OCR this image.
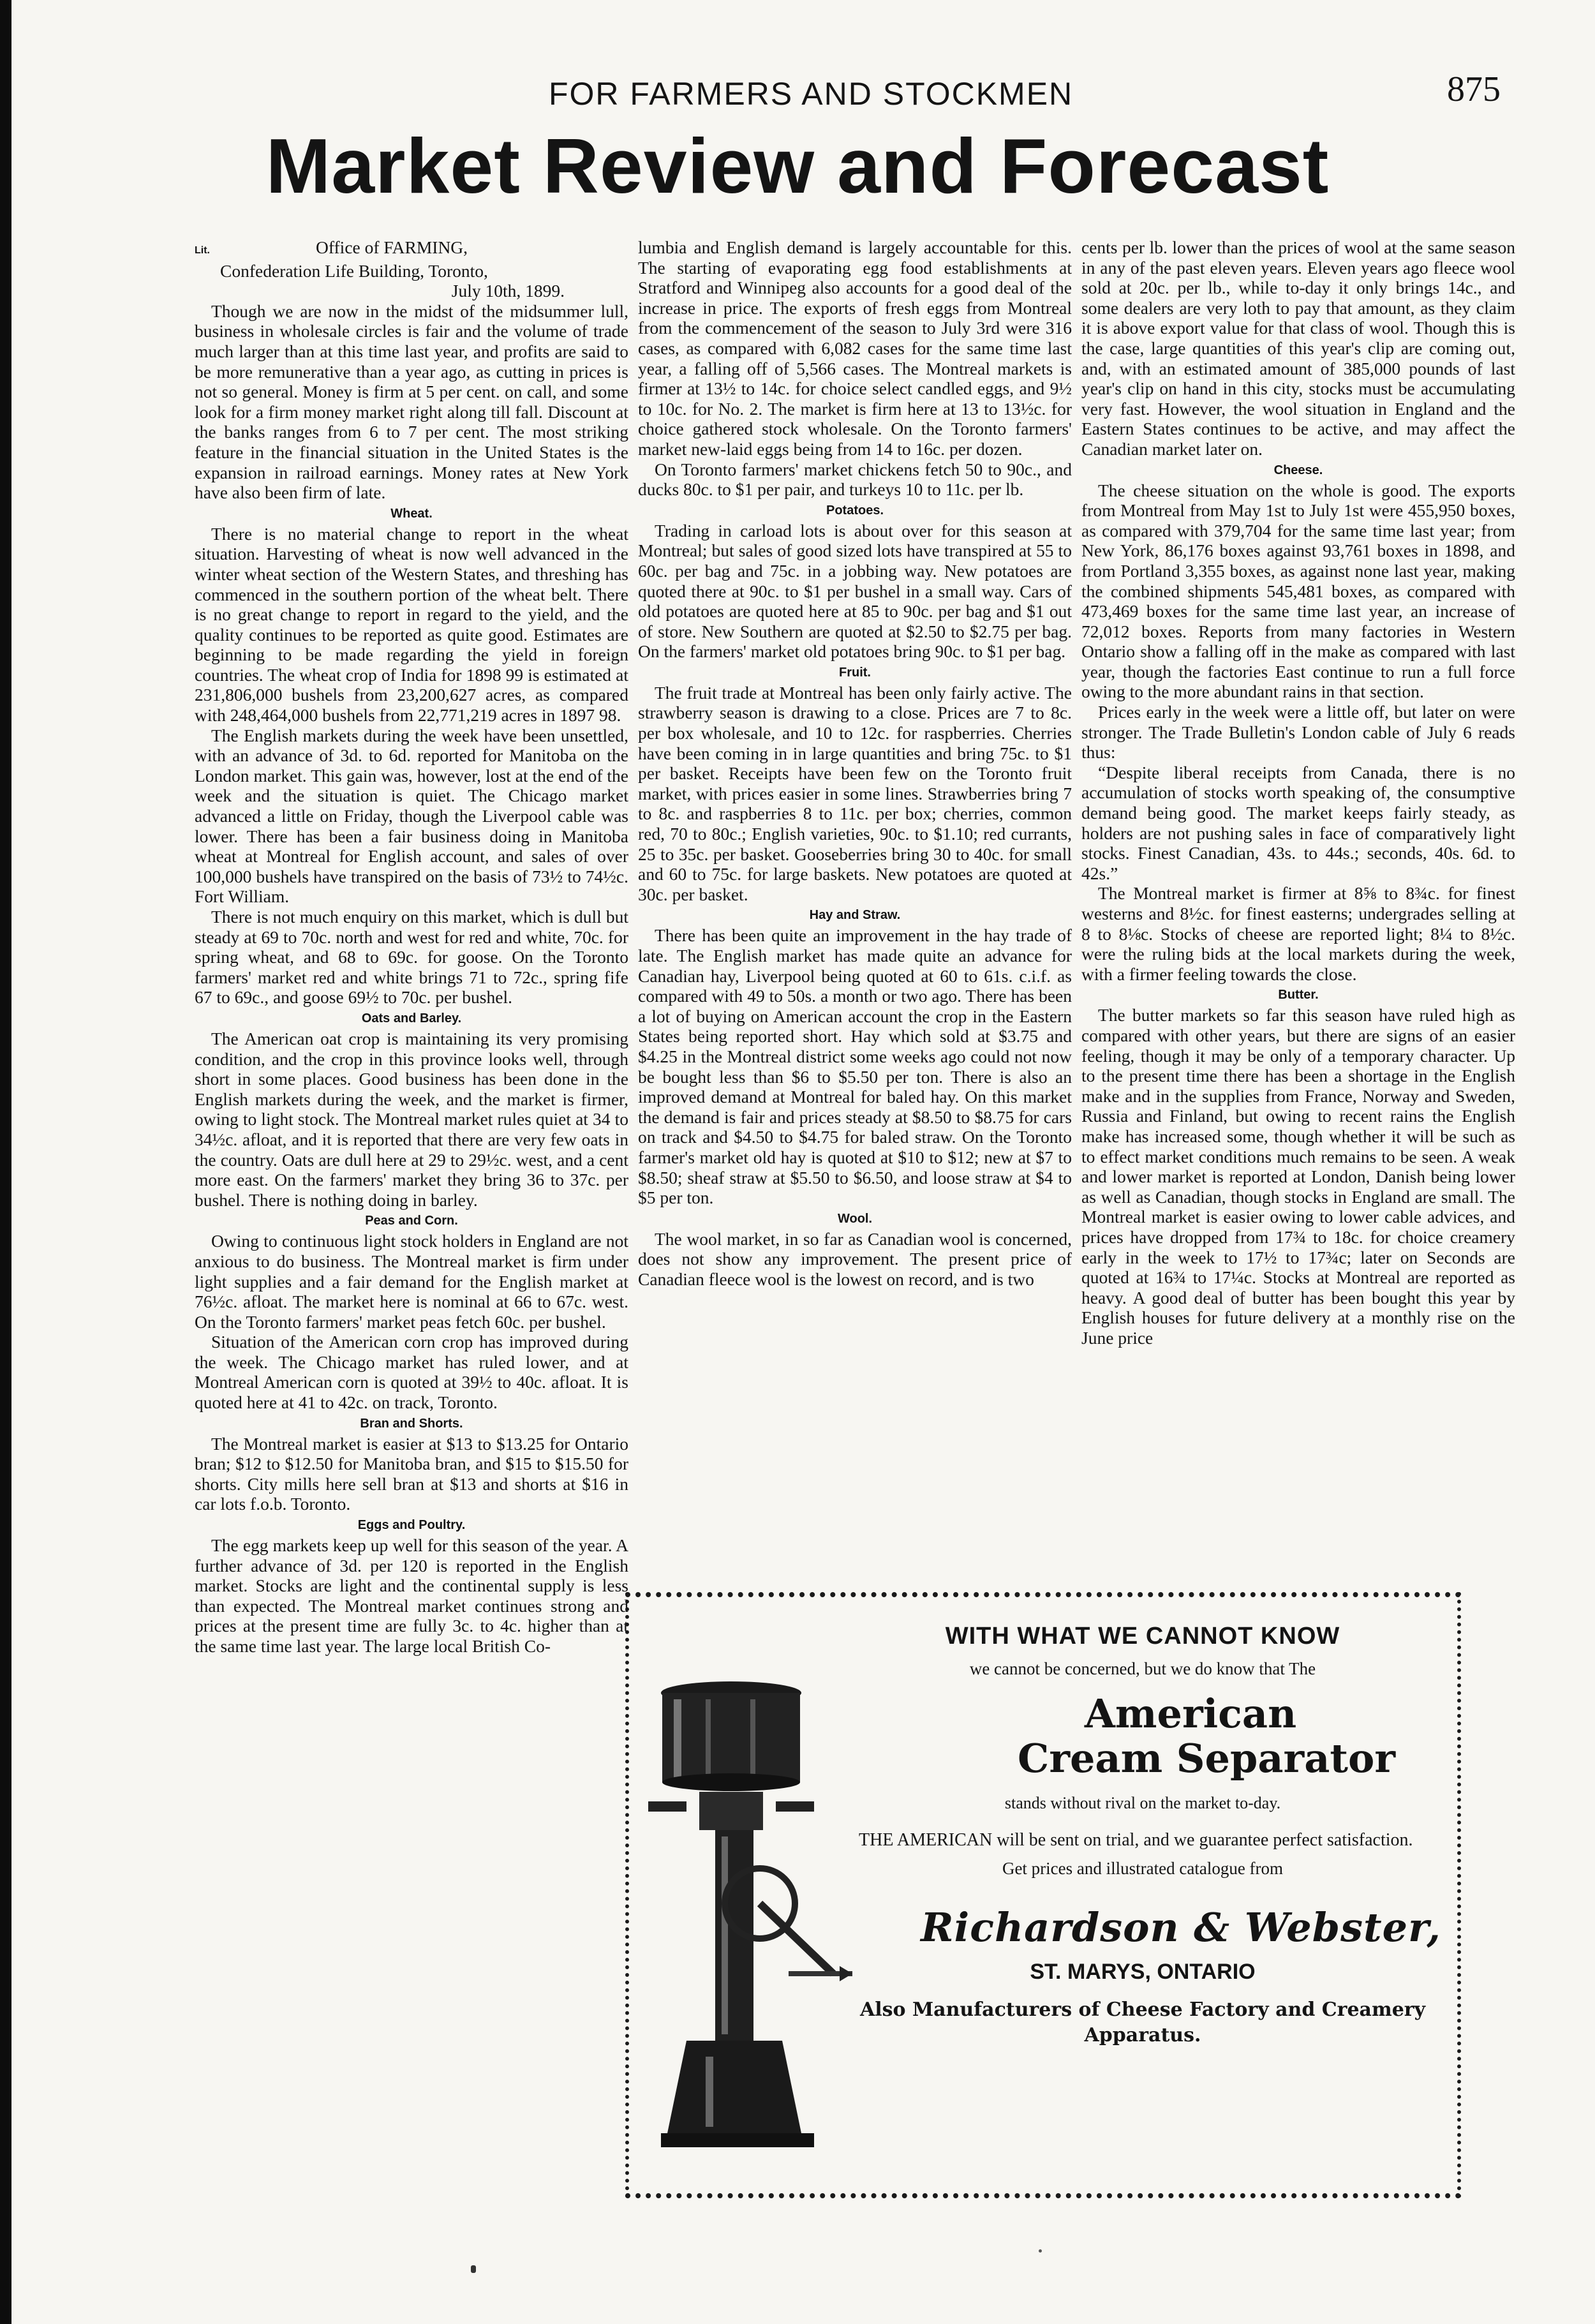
FOR FARMERS AND STOCKMEN	875
Market Review and Forecast

Lit.	Office of FARMING,

Confederation Life Building, Toronto,

July 10th, 1899.

Though we are now in the midst of the midsummer lull, business in wholesale circles is fair and the volume of trade much larger than at this time last year, and profits are said to be more remunerative than a year ago, as cutting in prices is not so general. Money is firm at 5 per cent. on call, and some look for a firm money market right along till fall. Discount at the banks ranges from 6 to 7 per cent. The most striking feature in the financial situation in the United States is the expansion in railroad earnings. Money rates at New York have also been firm of late.

Wheat.

There is no material change to report in the wheat situation. Harvesting of wheat is now well advanced in the winter wheat section of the Western States, and threshing has commenced in the southern portion of the wheat belt. There is no great change to report in regard to the yield, and the quality continues to be reported as quite good. Estimates are beginning to be made regarding the yield in foreign countries. The wheat crop of India for 1898 99 is estimated at 231,806,000 bushels from 23,200,627 acres, as compared with 248,464,000 bushels from 22,771,219 acres in 1897 98.

The English markets during the week have been unsettled, with an advance of 3d. to 6d. reported for Manitoba on the London market. This gain was, however, lost at the end of the week and the situation is quiet. The Chicago market advanced a little on Friday, though the Liverpool cable was lower. There has been a fair business doing in Manitoba wheat at Montreal for English account, and sales of over 100,000 bushels have transpired on the basis of 73½ to 74½c. Fort William.

There is not much enquiry on this market, which is dull but steady at 69 to 70c. north and west for red and white, 70c. for spring wheat, and 68 to 69c. for goose. On the Toronto farmers' market red and white brings 71 to 72c., spring fife 67 to 69c., and goose 69½ to 70c. per bushel.

Oats and Barley.

The American oat crop is maintaining its very promising condition, and the crop in this province looks well, through short in some places. Good business has been done in the English markets during the week, and the market is firmer, owing to light stock. The Montreal market rules quiet at 34 to 34½c. afloat, and it is reported that there are very few oats in the country. Oats are dull here at 29 to 29½c. west, and a cent more east. On the farmers' market they bring 36 to 37c. per bushel. There is nothing doing in barley.

Peas and Corn.

Owing to continuous light stock holders in England are not anxious to do business. The Montreal market is firm under light supplies and a fair demand for the English market at 76½c. afloat. The market here is nominal at 66 to 67c. west. On the Toronto farmers' market peas fetch 60c. per bushel.

Situation of the American corn crop has improved during the week. The Chicago market has ruled lower, and at Montreal American corn is quoted at 39½ to 40c. afloat. It is quoted here at 41 to 42c. on track, Toronto.

Bran and Shorts.

The Montreal market is easier at $13 to $13.25 for Ontario bran; $12 to $12.50 for Manitoba bran, and $15 to $15.50 for shorts. City mills here sell bran at $13 and shorts at $16 in car lots f.o.b. Toronto.

Eggs and Poultry.

The egg markets keep up well for this season of the year. A further advance of 3d. per 120 is reported in the English market. Stocks are light and the continental supply is less than expected. The Montreal market continues strong and prices at the present time are fully 3c. to 4c. higher than at the same time last year. The large local British Co-

lumbia and English demand is largely accountable for this. The starting of evaporating egg food establishments at Stratford and Winnipeg also accounts for a good deal of the increase in price. The exports of fresh eggs from Montreal from the commencement of the season to July 3rd were 316 cases, as compared with 6,082 cases for the same time last year, a falling off of 5,566 cases. The Montreal markets is firmer at 13½ to 14c. for choice select candled eggs, and 9½ to 10c. for No. 2. The market is firm here at 13 to 13½c. for choice gathered stock wholesale. On the Toronto farmers' market new-laid eggs being from 14 to 16c. per dozen.

On Toronto farmers' market chickens fetch 50 to 90c., and ducks 80c. to $1 per pair, and turkeys 10 to 11c. per lb.

Potatoes.

Trading in carload lots is about over for this season at Montreal; but sales of good sized lots have transpired at 55 to 60c. per bag and 75c. in a jobbing way. New potatoes are quoted there at 90c. to $1 per bushel in a small way. Cars of old potatoes are quoted here at 85 to 90c. per bag and $1 out of store. New Southern are quoted at $2.50 to $2.75 per bag. On the farmers' market old potatoes bring 90c. to $1 per bag.

Fruit.

The fruit trade at Montreal has been only fairly active. The strawberry season is drawing to a close. Prices are 7 to 8c. per box wholesale, and 10 to 12c. for raspberries. Cherries have been coming in in large quantities and bring 75c. to $1 per basket. Receipts have been few on the Toronto fruit market, with prices easier in some lines. Strawberries bring 7 to 8c. and raspberries 8 to 11c. per box; cherries, common red, 70 to 80c.; English varieties, 90c. to $1.10; red currants, 25 to 35c. per basket. Gooseberries bring 30 to 40c. for small and 60 to 75c. for large baskets. New potatoes are quoted at 30c. per basket.

Hay and Straw.

There has been quite an improvement in the hay trade of late. The English market has made quite an advance for Canadian hay, Liverpool being quoted at 60 to 61s. c.i.f. as compared with 49 to 50s. a month or two ago. There has been a lot of buying on American account the crop in the Eastern States being reported short. Hay which sold at $3.75 and $4.25 in the Montreal district some weeks ago could not now be bought less than $6 to $5.50 per ton. There is also an improved demand at Montreal for baled hay. On this market the demand is fair and prices steady at $8.50 to $8.75 for cars on track and $4.50 to $4.75 for baled straw. On the Toronto farmer's market old hay is quoted at $10 to $12; new at $7 to $8.50; sheaf straw at $5.50 to $6.50, and loose straw at $4 to $5 per ton.

Wool.

The wool market, in so far as Canadian wool is concerned, does not show any improvement. The present price of Canadian fleece wool is the lowest on record, and is two

cents per lb. lower than the prices of wool at the same season in any of the past eleven years. Eleven years ago fleece wool sold at 20c. per lb., while to-day it only brings 14c., and some dealers are very loth to pay that amount, as they claim it is above export value for that class of wool. Though this is the case, large quantities of this year's clip are coming out, and, with an estimated amount of 385,000 pounds of last year's clip on hand in this city, stocks must be accumulating very fast. However, the wool situation in England and the Eastern States continues to be active, and may affect the Canadian market later on.

Cheese.

The cheese situation on the whole is good. The exports from Montreal from May 1st to July 1st were 455,950 boxes, as compared with 379,704 for the same time last year; from New York, 86,176 boxes against 93,761 boxes in 1898, and from Portland 3,355 boxes, as against none last year, making the combined shipments 545,481 boxes, as compared with 473,469 boxes for the same time last year, an increase of 72,012 boxes. Reports from many factories in Western Ontario show a falling off in the make as compared with last year, though the factories East continue to run a full force owing to the more abundant rains in that section.

Prices early in the week were a little off, but later on were stronger. The Trade Bulletin's London cable of July 6 reads thus:

“Despite liberal receipts from Canada, there is no accumulation of stocks worth speaking of, the consumptive demand being good. The market keeps fairly steady, as holders are not pushing sales in face of comparatively light stocks. Finest Canadian, 43s. to 44s.; seconds, 40s. 6d. to 42s.”

The Montreal market is firmer at 8⅝ to 8¾c. for finest westerns and 8½c. for finest easterns; undergrades selling at 8 to 8⅛c. Stocks of cheese are reported light; 8¼ to 8½c. were the ruling bids at the local markets during the week, with a firmer feeling towards the close.

Butter.

The butter markets so far this season have ruled high as compared with other years, but there are signs of an easier feeling, though it may be only of a temporary character. Up to the present time there has been a shortage in the English make and in the supplies from France, Norway and Sweden, Russia and Finland, but owing to recent rains the English make has increased some, though whether it will be such as to effect market conditions much remains to be seen. A weak and lower market is reported at London, Danish being lower as well as Canadian, though stocks in England are small. The Montreal market is easier owing to lower cable advices, and prices have dropped from 17¾ to 18c. for choice creamery early in the week to 17½ to 17¾c; later on Seconds are quoted at 16¾ to 17¼c. Stocks at Montreal are reported as heavy. A good deal of butter has been bought this year by English houses for future delivery at a monthly rise on the June price

WITH WHAT WE CANNOT KNOW
we cannot be concerned, but we do know that The
American
Cream Separator
stands without rival on the market to-day.
THE AMERICAN will be sent on trial, and we guarantee perfect satisfaction.
Get prices and illustrated catalogue from
Richardson & Webster,
ST. MARYS, ONTARIO
Also Manufacturers of Cheese Factory and Creamery Apparatus.
